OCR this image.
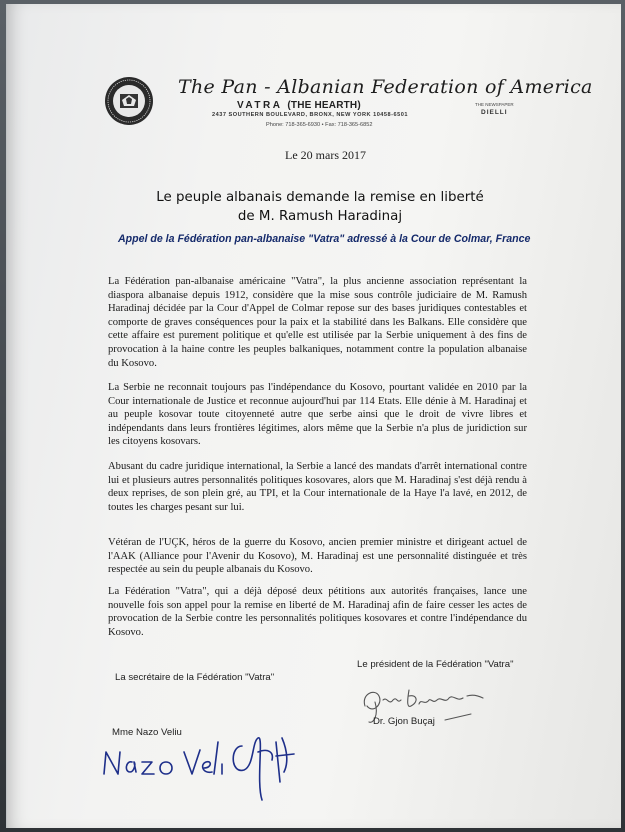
The Pan - Albanian Federation of America
VATRA (THE HEARTH)
2437 SOUTHERN BOULEVARD, BRONX, NEW YORK 10458-6501
Phone: 718-365-6930 • Fax: 718-365-6852
THE NEWSPAPER
DIELLI
Le 20 mars 2017
Le peuple albanais demande la remise en liberté
de M. Ramush Haradinaj
Appel de la Fédération pan-albanaise "Vatra" adressé à la Cour de Colmar, France

La Fédération pan-albanaise américaine "Vatra", la plus ancienne association représentant la diaspora albanaise depuis 1912, considère que la mise sous contrôle judiciaire de M. Ramush Haradinaj décidée par la Cour d'Appel de Colmar repose sur des bases juridiques contestables et comporte de graves conséquences pour la paix et la stabilité dans les Balkans. Elle considère que cette affaire est purement politique et qu'elle est utilisée par la Serbie uniquement à des fins de provocation à la haine contre les peuples balkaniques, notamment contre la population albanaise du Kosovo.

La Serbie ne reconnait toujours pas l'indépendance du Kosovo, pourtant validée en 2010 par la Cour internationale de Justice et reconnue aujourd'hui par 114 Etats. Elle dénie à M. Haradinaj et au peuple kosovar toute citoyenneté autre que serbe ainsi que le droit de vivre libres et indépendants dans leurs frontières légitimes, alors même que la Serbie n'a plus de juridiction sur les citoyens kosovars.

Abusant du cadre juridique international, la Serbie a lancé des mandats d'arrêt international contre lui et plusieurs autres personnalités politiques kosovares, alors que M. Haradinaj s'est déjà rendu à deux reprises, de son plein gré, au TPI, et la Cour internationale de la Haye l'a lavé, en 2012, de toutes les charges pesant sur lui.

Vétéran de l'UÇK, héros de la guerre du Kosovo, ancien premier ministre et dirigeant actuel de l'AAK (Alliance pour l'Avenir du Kosovo), M. Haradinaj est une personnalité distinguée et très respectée au sein du peuple albanais du Kosovo.

La Fédération "Vatra", qui a déjà déposé deux pétitions aux autorités françaises, lance une nouvelle fois son appel pour la remise en liberté de M. Haradinaj afin de faire cesser les actes de provocation de la Serbie contre les personnalités politiques kosovares et contre l'indépendance du Kosovo.

La secrétaire de la Fédération "Vatra"
Le président de la Fédération "Vatra"
Dr. Gjon Buçaj
Mme Nazo Veliu
